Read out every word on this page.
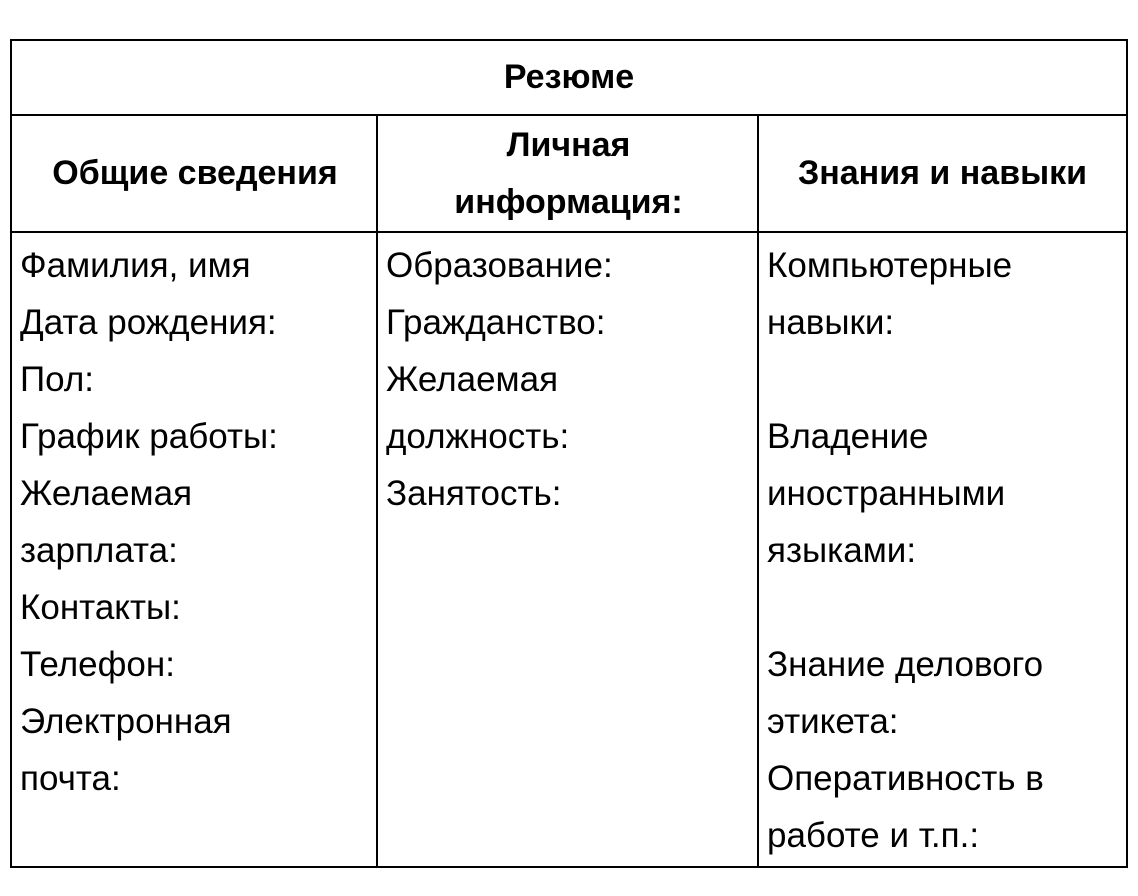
Резюме
Общие сведения
Личная
информация:
Знания и навыки
Фамилия, имя
Дата рождения:
Пол:
График работы:
Желаемая
зарплата:
Контакты:
Телефон:
Электронная
почта:
Образование:
Гражданство:
Желаемая
должность:
Занятость:
Компьютерные
навыки:
Владение
иностранными
языками:
Знание делового
этикета:
Оперативность в
работе и т.п.:
